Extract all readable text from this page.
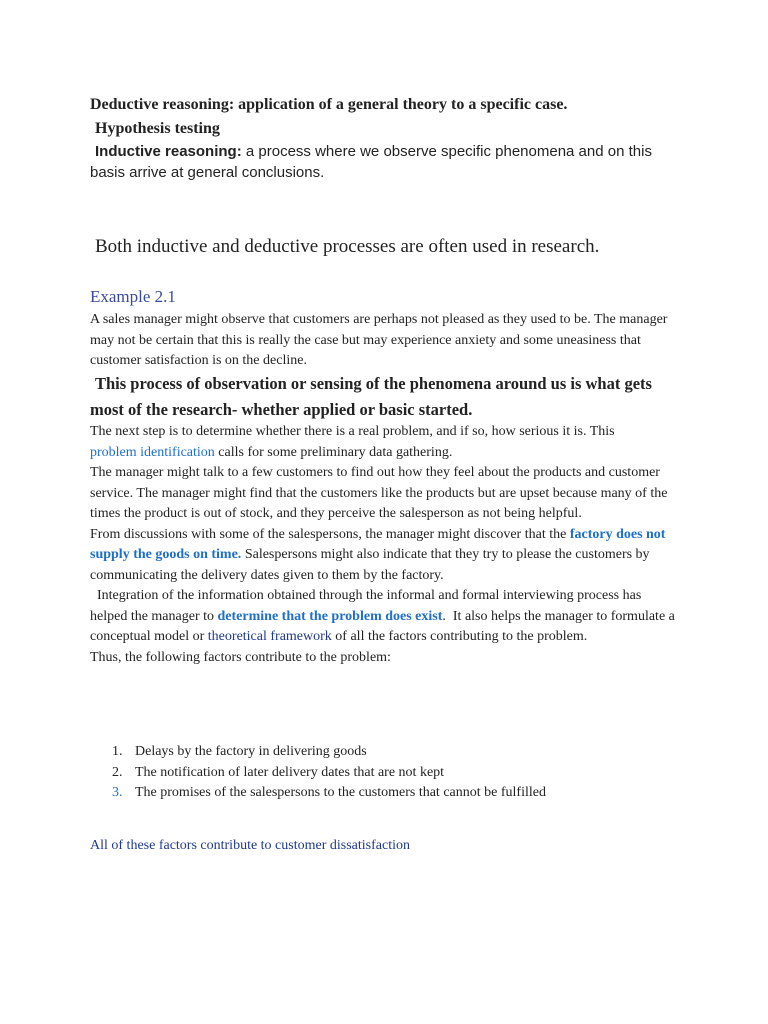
Deductive reasoning: application of a general theory to a specific case.
Hypothesis testing
Inductive reasoning: a process where we observe specific phenomena and on this
basis arrive at general conclusions.
Both inductive and deductive processes are often used in research.
Example 2.1
A sales manager might observe that customers are perhaps not pleased as they used to be. The manager may not be certain that this is really the case but may experience anxiety and some uneasiness that customer satisfaction is on the decline.
This process of observation or sensing of the phenomena around us is what gets
most of the research- whether applied or basic started.
The next step is to determine whether there is a real problem, and if so, how serious it is. This
problem identification calls for some preliminary data gathering.
The manager might talk to a few customers to find out how they feel about the products and customer service. The manager might find that the customers like the products but are upset because many of the times the product is out of stock, and they perceive the salesperson as not being helpful.
From discussions with some of the salespersons, the manager might discover that the factory does not supply the goods on time. Salespersons might also indicate that they try to please the customers by communicating the delivery dates given to them by the factory.
Integration of the information obtained through the informal and formal interviewing process has helped the manager to determine that the problem does exist.  It also helps the manager to formulate a conceptual model or theoretical framework of all the factors contributing to the problem.
Thus, the following factors contribute to the problem:
1. Delays by the factory in delivering goods
2. The notification of later delivery dates that are not kept
3. The promises of the salespersons to the customers that cannot be fulfilled
All of these factors contribute to customer dissatisfaction
